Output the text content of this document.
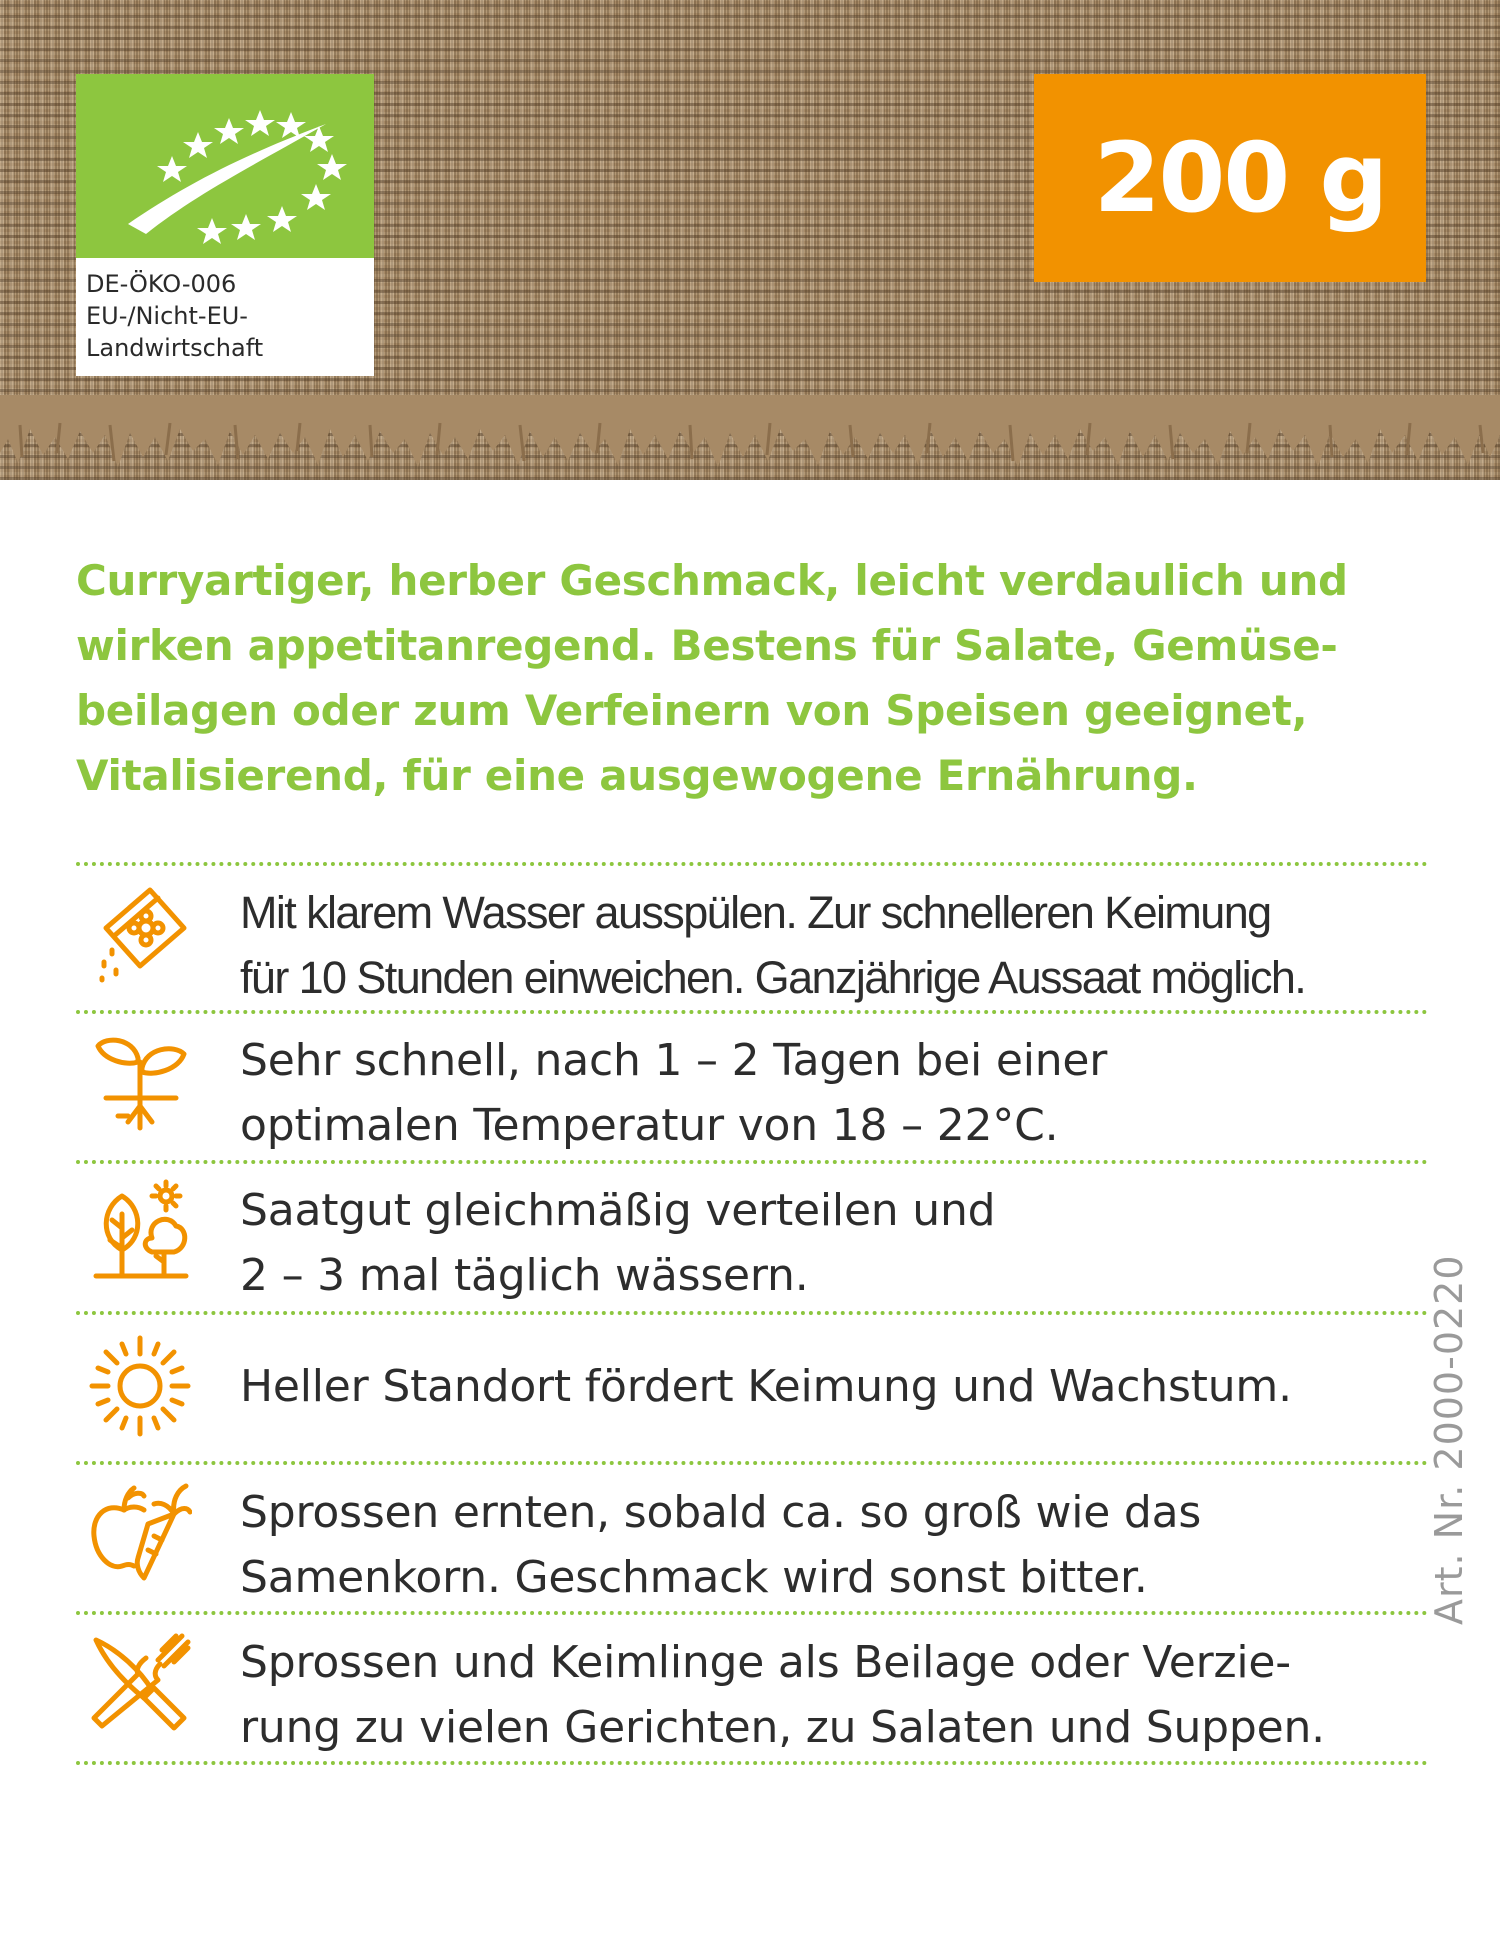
DE-ÖKO-006
EU-/Nicht-EU-
Landwirtschaft
200 g
Curryartiger, herber Geschmack, leicht verdaulich und
wirken appetitanregend. Bestens für Salate, Gemüse-
beilagen oder zum Verfeinern von Speisen geeignet,
Vitalisierend, für eine ausgewogene Ernährung.
Mit klarem Wasser ausspülen. Zur schnelleren Keimung
für 10 Stunden einweichen. Ganzjährige Aussaat möglich.
Sehr schnell, nach 1 – 2 Tagen bei einer
optimalen Temperatur von 18 – 22°C.
Saatgut gleichmäßig verteilen und
2 – 3 mal täglich wässern.
Heller Standort fördert Keimung und Wachstum.
Sprossen ernten, sobald ca. so groß wie das
Samenkorn. Geschmack wird sonst bitter.
Sprossen und Keimlinge als Beilage oder Verzie-
rung zu vielen Gerichten, zu Salaten und Suppen.
Art. Nr. 2000-0220
